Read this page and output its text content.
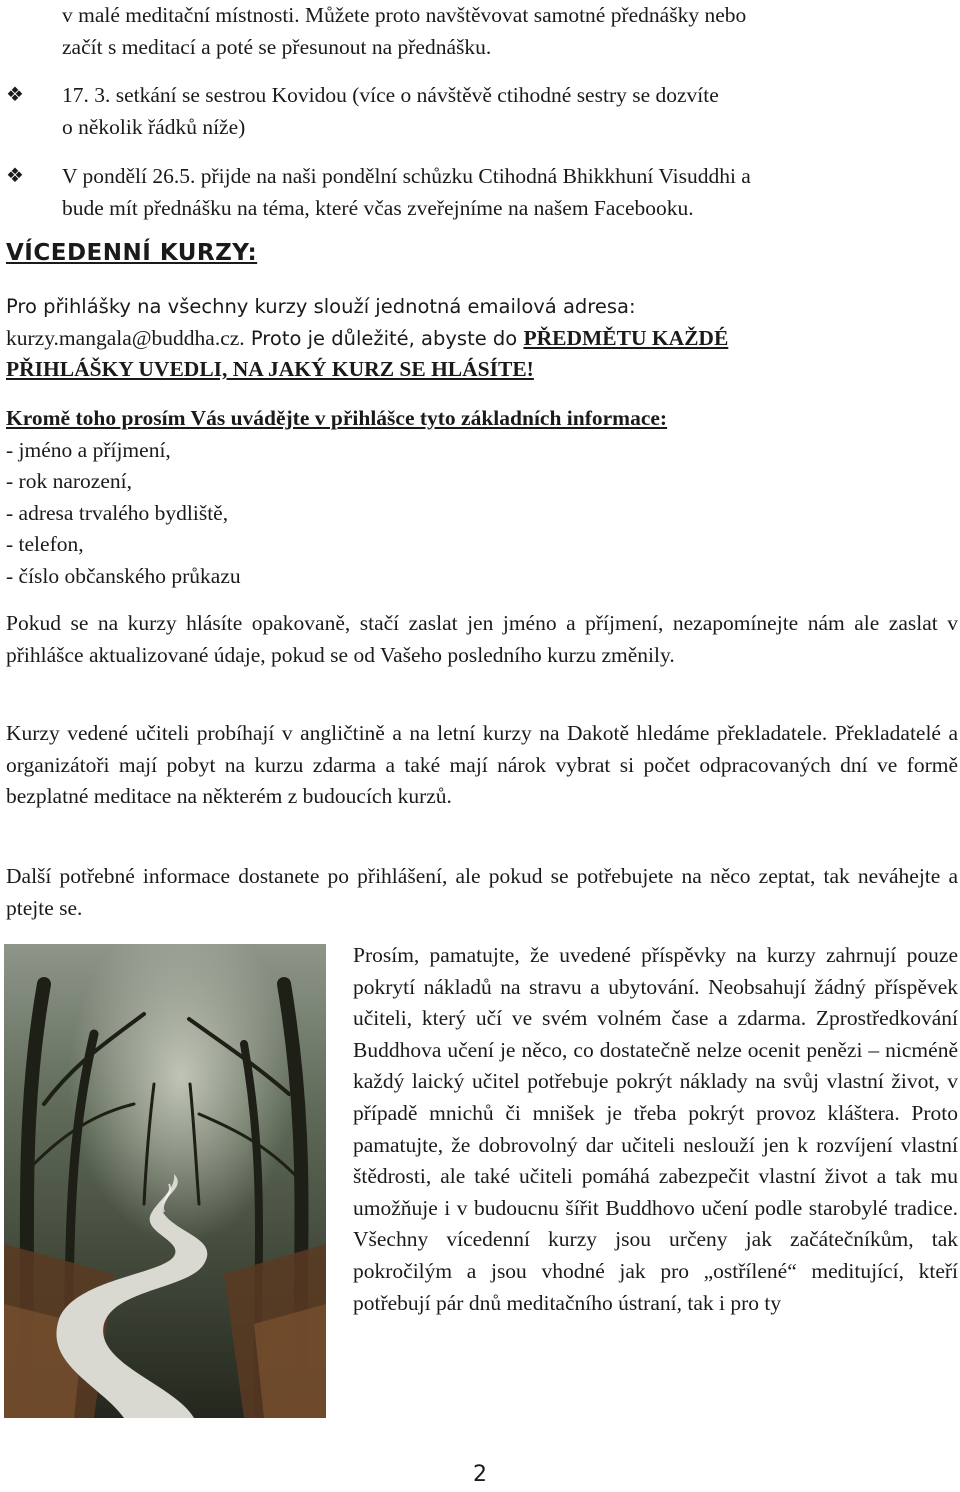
v malé meditační místnosti. Můžete proto navštěvovat samotné přednášky nebo
začít s meditací a poté se přesunout na přednášku.

❖ 17. 3. setkání se sestrou Kovidou (více o návštěvě ctihodné sestry se dozvíte
o několik řádků níže)

❖ V pondělí 26.5. přijde na naši pondělní schůzku Ctihodná Bhikkhuní Visuddhi a
bude mít přednášku na téma, které včas zveřejníme na našem Facebooku.

VÍCEDENNÍ KURZY:

Pro přihlášky na všechny kurzy slouží jednotná emailová adresa:
kurzy.mangala@buddha.cz. Proto je důležité, abyste do PŘEDMĚTU KAŽDÉ
PŘIHLÁŠKY UVEDLI, NA JAKÝ KURZ SE HLÁSÍTE!

Kromě toho prosím Vás uvádějte v přihlášce tyto základních informace:
- jméno a příjmení,
- rok narození,
- adresa trvalého bydliště,
- telefon,
- číslo občanského průkazu

Pokud se na kurzy hlásíte opakovaně, stačí zaslat jen jméno a příjmení, nezapomínejte nám ale zaslat v přihlášce aktualizované údaje, pokud se od Vašeho posledního kurzu změnily.

Kurzy vedené učiteli probíhají v angličtině a na letní kurzy na Dakotě hledáme překladatele. Překladatelé a organizátoři mají pobyt na kurzu zdarma a také mají nárok vybrat si počet odpracovaných dní ve formě bezplatné meditace na některém z budoucích kurzů.

Další potřebné informace dostanete po přihlášení, ale pokud se potřebujete na něco zeptat, tak neváhejte a ptejte se.

Prosím, pamatujte, že uvedené příspěvky na kurzy zahrnují pouze pokrytí nákladů na stravu a ubytování. Neobsahují žádný příspěvek učiteli, který učí ve svém volném čase a zdarma. Zprostředkování Buddhova učení je něco, co dostatečně nelze ocenit penězi – nicméně každý laický učitel potřebuje pokrýt náklady na svůj vlastní život, v případě mnichů či mnišek je třeba pokrýt provoz kláštera. Proto pamatujte, že dobrovolný dar učiteli neslouží jen k rozvíjení vlastní štědrosti, ale také učiteli pomáhá zabezpečit vlastní život a tak mu umožňuje i v budoucnu šířit Buddhovo učení podle starobylé tradice. Všechny vícedenní kurzy jsou určeny jak začátečníkům, tak pokročilým a jsou vhodné jak pro „ostřílené“ meditující, kteří potřebují pár dnů meditačního ústraní, tak i pro ty

2
